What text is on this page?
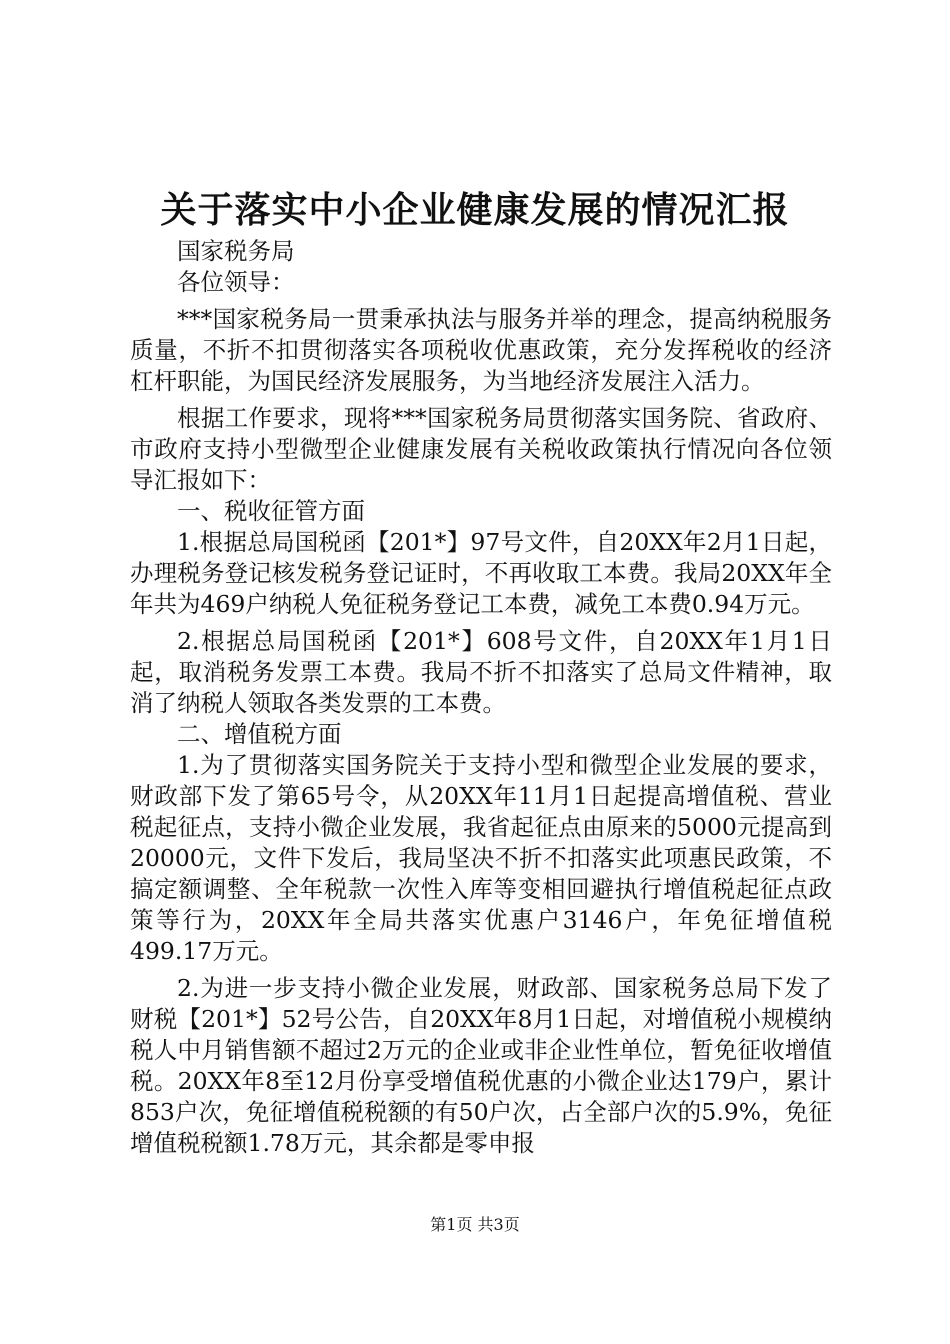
关于落实中小企业健康发展的情况汇报

国家税务局

各位领导：

***国家税务局一贯秉承执法与服务并举的理念，提高纳税服务质量，不折不扣贯彻落实各项税收优惠政策，充分发挥税收的经济杠杆职能，为国民经济发展服务，为当地经济发展注入活力。

根据工作要求，现将***国家税务局贯彻落实国务院、省政府、市政府支持小型微型企业健康发展有关税收政策执行情况向各位领导汇报如下：

一、税收征管方面

1.根据总局国税函【201*】97号文件，自20XX年2月1日起，办理税务登记核发税务登记证时，不再收取工本费。我局20XX年全年共为469户纳税人免征税务登记工本费，减免工本费0.94万元。

2.根据总局国税函【201*】608号文件，自20XX年1月1日起，取消税务发票工本费。我局不折不扣落实了总局文件精神，取消了纳税人领取各类发票的工本费。

二、增值税方面

1.为了贯彻落实国务院关于支持小型和微型企业发展的要求，财政部下发了第65号令，从20XX年11月1日起提高增值税、营业税起征点，支持小微企业发展，我省起征点由原来的5000元提高到20000元，文件下发后，我局坚决不折不扣落实此项惠民政策，不搞定额调整、全年税款一次性入库等变相回避执行增值税起征点政策等行为，20XX年全局共落实优惠户3146户，年免征增值税499.17万元。

2.为进一步支持小微企业发展，财政部、国家税务总局下发了财税【201*】52号公告，自20XX年8月1日起，对增值税小规模纳税人中月销售额不超过2万元的企业或非企业性单位，暂免征收增值税。20XX年8至12月份享受增值税优惠的小微企业达179户，累计853户次，免征增值税税额的有50户次，占全部户次的5.9%，免征增值税税额1.78万元，其余都是零申报

第1页 共3页
